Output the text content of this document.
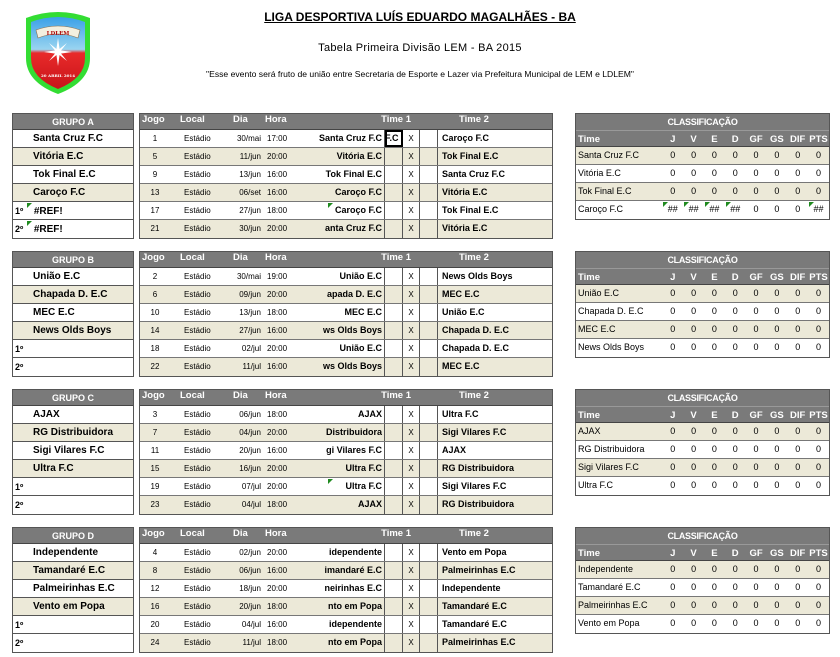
LDLEM
20 ABRIL 2014
LIGA DESPORTIVA LUÍS EDUARDO MAGALHÃES - BA
Tabela Primeira Divisão LEM - BA 2015
"Esse evento será fruto de união entre Secretaria de Esporte e Lazer via Prefeitura Municipal de LEM e LDLEM"
GRUPO A
Santa Cruz F.C
Vitória E.C
Tok Final E.C
Caroço F.C
1º #REF!
2º #REF!
Jogo	Local	Dia	Hora	Time 1	Time 2
1	Estádio	30/mai 17:00	Santa Cruz F.C F.C	X	Caroço F.C
5	Estádio	11/jun 20:00	Vitória E.C	X	Tok Final E.C
9	Estádio	13/jun 16:00	Tok Final E.C	X	Santa Cruz F.C
13	Estádio	06/set 16:00	Caroço F.C	X	Vitória E.C
17	Estádio	27/jun 18:00	Caroço F.C	X	Tok Final E.C
21	Estádio	30/jun 20:00	anta Cruz F.C	X	Vitória E.C
CLASSIFICAÇÃO
Time	J	V	E	D	GF GS DIF PTS
Santa Cruz F.C	0	0	0	0	0	0	0	0
Vitória E.C	0	0	0	0	0	0	0	0
Tok Final E.C	0	0	0	0	0	0	0	0
Caroço F.C	##	##	##	##	0	0	0	##
GRUPO B
União E.C
Chapada D. E.C
MEC E.C
News Olds Boys
1º
2º
Jogo	Local	Dia	Hora	Time 1	Time 2
2	Estádio	30/mai 19:00	União E.C	X	News Olds Boys
6	Estádio	09/jun 20:00	apada D. E.C	X	MEC E.C
10	Estádio	13/jun 18:00	MEC E.C	X	União E.C
14	Estádio	27/jun 16:00	ws Olds Boys	X	Chapada D. E.C
18	Estádio	02/jul 20:00	União E.C	X	Chapada D. E.C
22	Estádio	11/jul 16:00	ws Olds Boys	X	MEC E.C
CLASSIFICAÇÃO
Time	J	V	E	D	GF GS DIF PTS
União E.C	0	0	0	0	0	0	0	0
Chapada D. E.C	0	0	0	0	0	0	0	0
MEC E.C	0	0	0	0	0	0	0	0
News Olds Boys	0	0	0	0	0	0	0	0
GRUPO C
AJAX
RG Distribuidora
Sigi Vilares F.C
Ultra F.C
1º
2º
Jogo	Local	Dia	Hora	Time 1	Time 2
3	Estádio	06/jun 18:00	AJAX	X	Ultra F.C
7	Estádio	04/jun 20:00	Distribuidora	X	Sigi Vilares F.C
11	Estádio	20/jun 16:00	gi Vilares F.C	X	AJAX
15	Estádio	16/jun 20:00	Ultra F.C	X	RG Distribuidora
19	Estádio	07/jul 20:00	Ultra F.C	X	Sigi Vilares F.C
23	Estádio	04/jul 18:00	AJAX	X	RG Distribuidora
CLASSIFICAÇÃO
Time	J	V	E	D	GF GS DIF PTS
AJAX	0	0	0	0	0	0	0	0
RG Distribuidora	0	0	0	0	0	0	0	0
Sigi Vilares F.C	0	0	0	0	0	0	0	0
Ultra F.C	0	0	0	0	0	0	0	0
GRUPO D
Independente
Tamandaré E.C
Palmeirinhas E.C
Vento em Popa
1º
2º
Jogo	Local	Dia	Hora	Time 1	Time 2
4	Estádio	02/jun 20:00	idependente	X	Vento em Popa
8	Estádio	06/jun 16:00	imandaré E.C	X	Palmeirinhas E.C
12	Estádio	18/jun 20:00	neirinhas E.C	X	Independente
16	Estádio	20/jun 18:00	nto em Popa	X	Tamandaré E.C
20	Estádio	04/jul 16:00	idependente	X	Tamandaré E.C
24	Estádio	11/jul 18:00	nto em Popa	X	Palmeirinhas E.C
CLASSIFICAÇÃO
Time	J	V	E	D	GF GS DIF PTS
Independente	0	0	0	0	0	0	0	0
Tamandaré E.C	0	0	0	0	0	0	0	0
Palmeirinhas E.C	0	0	0	0	0	0	0	0
Vento em Popa	0	0	0	0	0	0	0	0
